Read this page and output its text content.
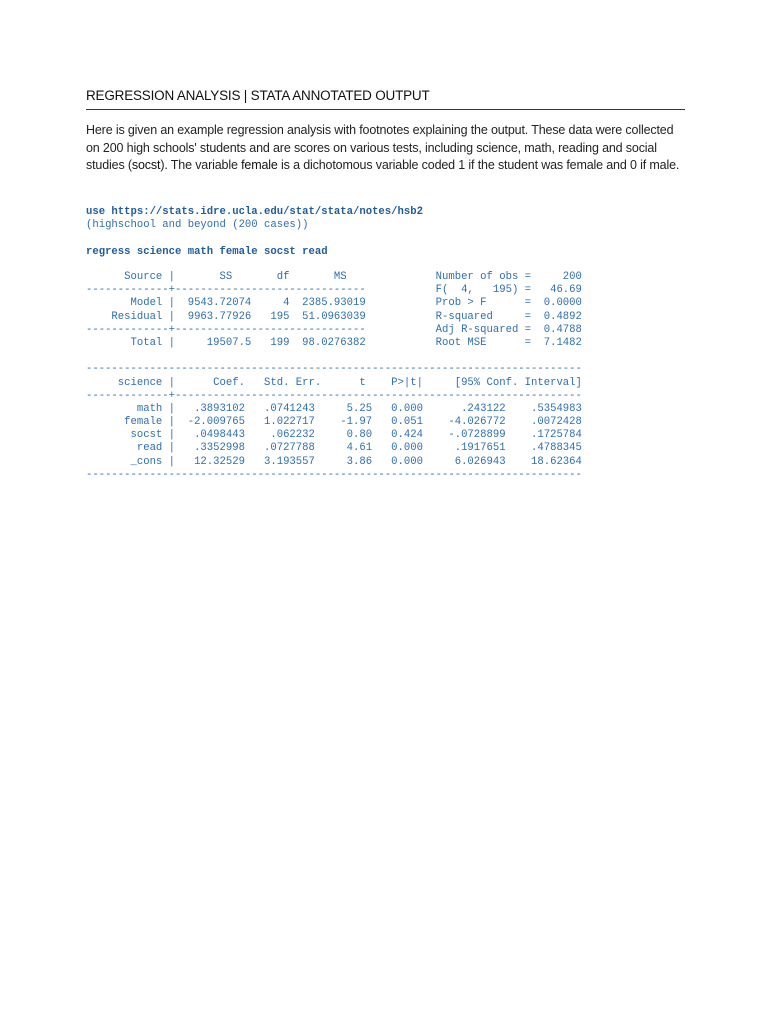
REGRESSION ANALYSIS | STATA ANNOTATED OUTPUT

Here is given an example regression analysis with footnotes explaining the output. These data were collected on 200 high schools' students and are scores on various tests, including science, math, reading and social studies (socst). The variable female is a dichotomous variable coded 1 if the student was female and 0 if male.

use https://stats.idre.ucla.edu/stat/stata/notes/hsb2
(highschool and beyond (200 cases))
regress science math female socst read
Source |       SS       df       MS              Number of obs =     200
-------------+------------------------------           F(  4,   195) =   46.69
Model |  9543.72074     4  2385.93019           Prob > F      =  0.0000
Residual |  9963.77926   195  51.0963039           R-squared     =  0.4892
-------------+------------------------------           Adj R-squared =  0.4788
Total |     19507.5   199  98.0276382           Root MSE      =  7.1482
------------------------------------------------------------------------------
science |      Coef.   Std. Err.      t    P>|t|     [95% Conf. Interval]
-------------+----------------------------------------------------------------
math |   .3893102   .0741243     5.25   0.000      .243122    .5354983
female |  -2.009765   1.022717    -1.97   0.051    -4.026772    .0072428
socst |   .0498443    .062232     0.80   0.424    -.0728899    .1725784
read |   .3352998   .0727788     4.61   0.000     .1917651    .4788345
_cons |   12.32529   3.193557     3.86   0.000     6.026943    18.62364
------------------------------------------------------------------------------
